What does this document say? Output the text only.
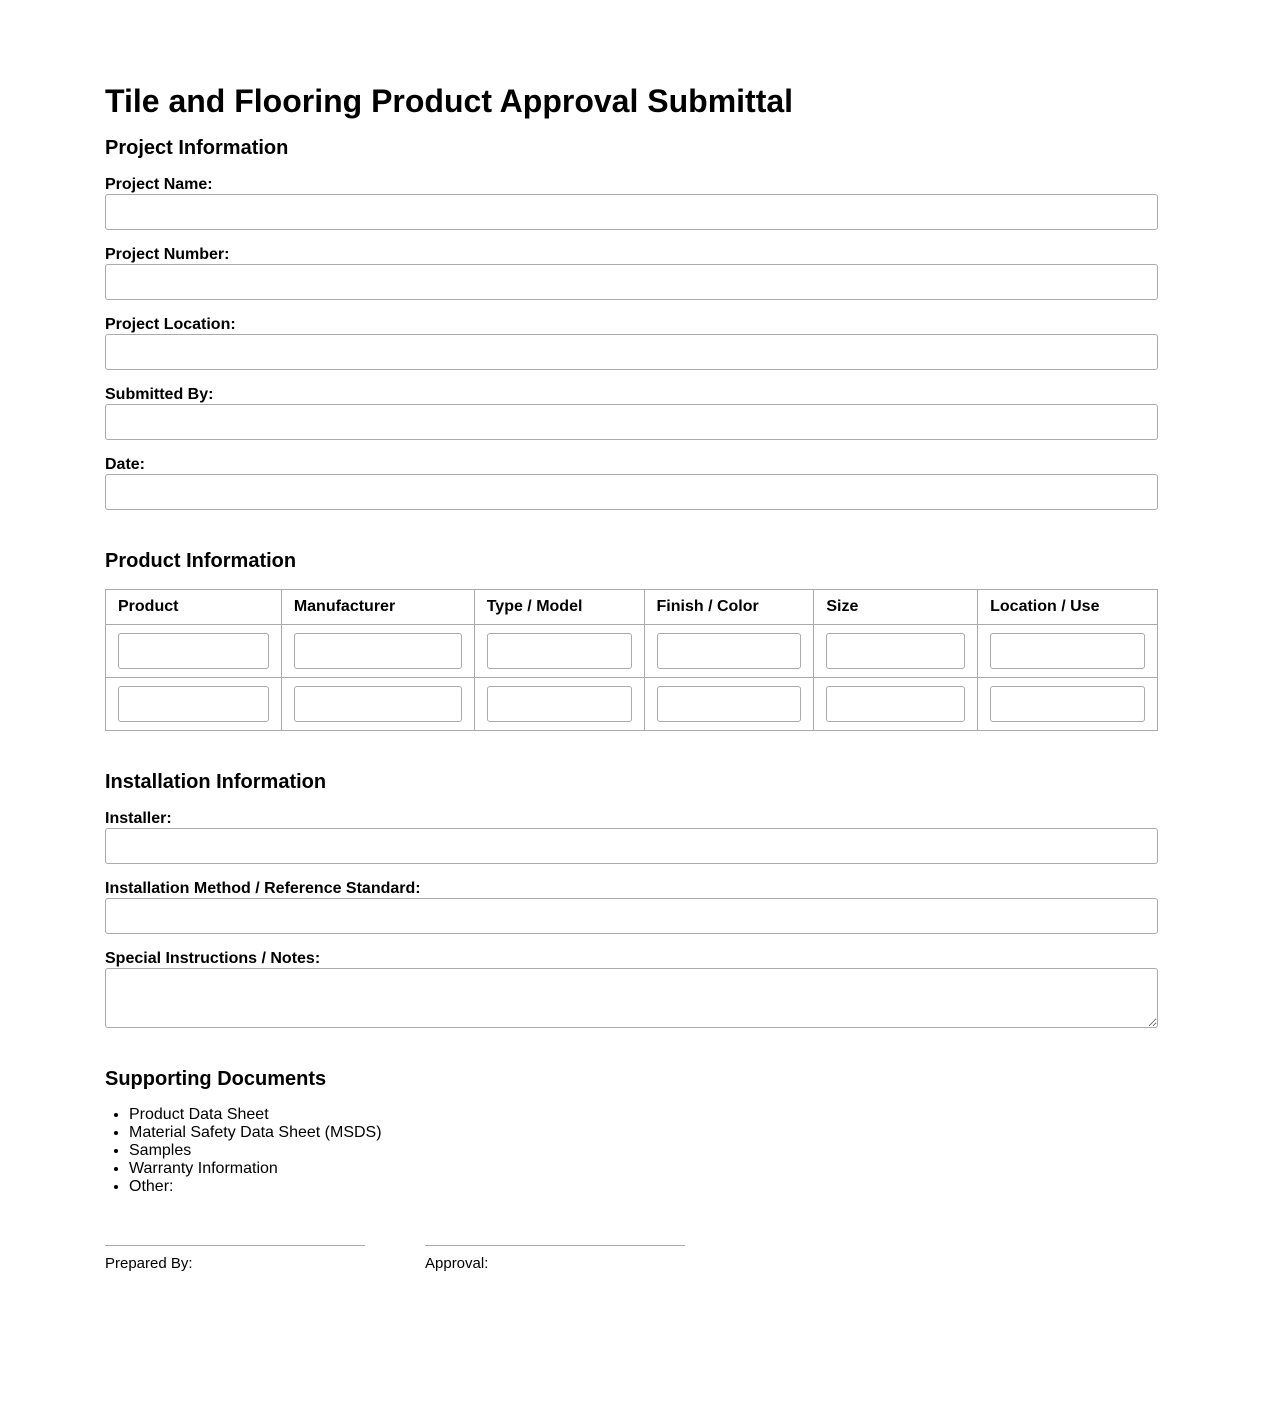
Tile and Flooring Product Approval Submittal
Project Information
Project Name:
Project Number:
Project Location:
Submitted By:
Date:
Product Information
Product	Manufacturer	Type / Model	Finish / Color	Size	Location / Use

Installation Information
Installer:
Installation Method / Reference Standard:
Special Instructions / Notes:
Supporting Documents
• Product Data Sheet
• Material Safety Data Sheet (MSDS)
• Samples
• Warranty Information
• Other:
Prepared By:	Approval:
